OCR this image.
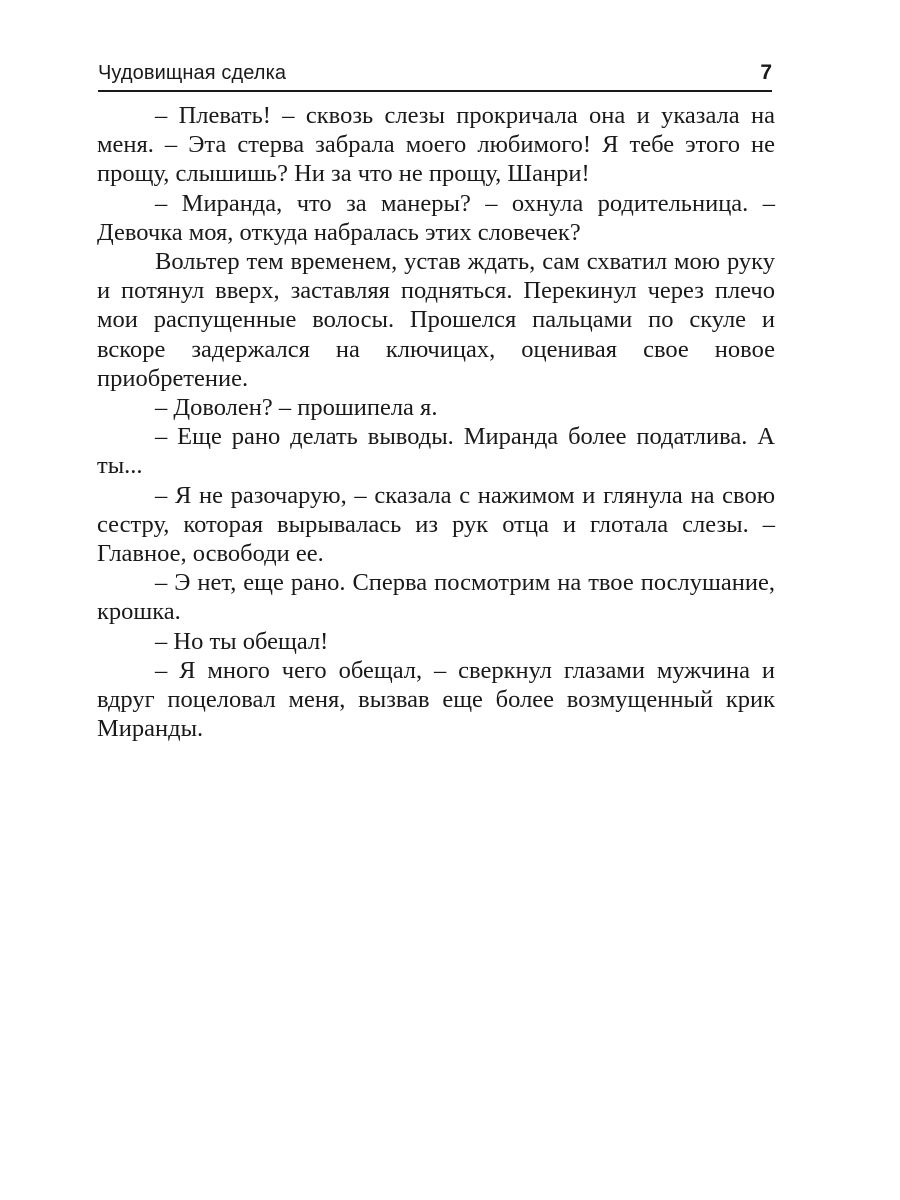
Чудовищная сделка	7

– Плевать! – сквозь слезы прокричала она и указала на меня. – Эта стерва забрала моего любимого! Я тебе этого не прощу, слышишь? Ни за что не прощу, Шанри!

– Миранда, что за манеры? – охнула родительница. – Девочка моя, откуда набралась этих словечек?

Вольтер тем временем, устав ждать, сам схватил мою руку и потянул вверх, заставляя подняться. Перекинул через плечо мои распущенные волосы. Прошелся пальцами по скуле и вскоре задержался на ключицах, оценивая свое новое приобретение.

– Доволен? – прошипела я.

– Еще рано делать выводы. Миранда более податлива. А ты...

– Я не разочарую, – сказала с нажимом и глянула на свою сестру, которая вырывалась из рук отца и глотала слезы. – Главное, освободи ее.

– Э нет, еще рано. Сперва посмотрим на твое послушание, крошка.

– Но ты обещал!

– Я много чего обещал, – сверкнул глазами мужчина и вдруг поцеловал меня, вызвав еще более возмущенный крик Миранды.
